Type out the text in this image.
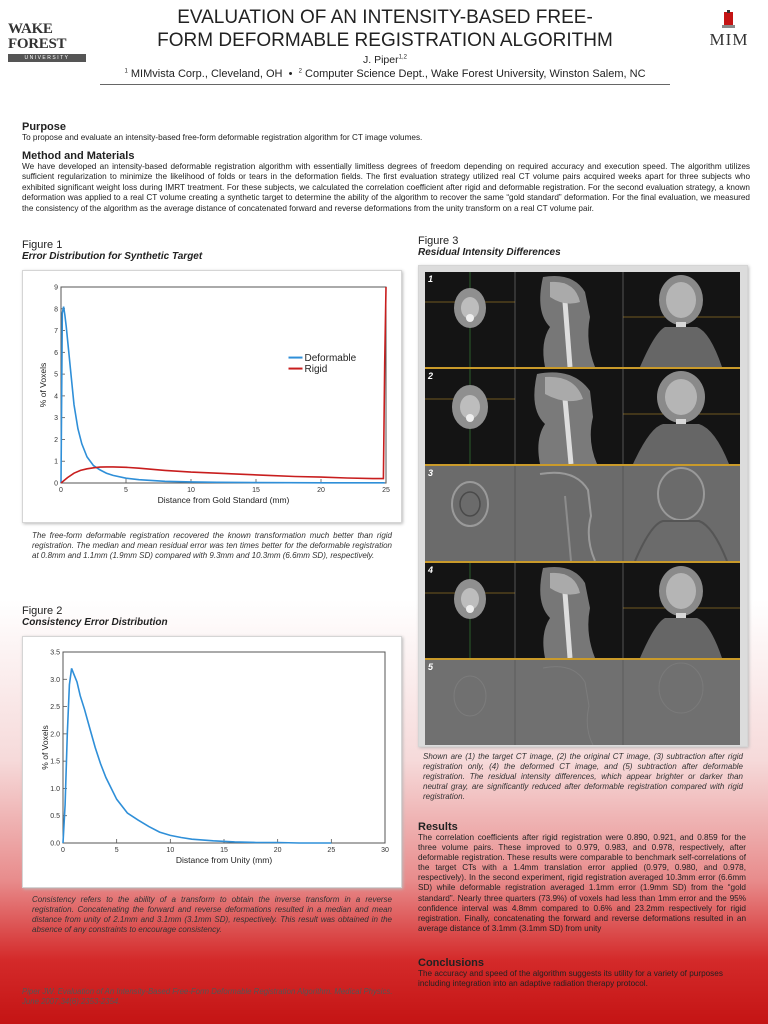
WAKE FOREST
UNIVERSITY
EVALUATION OF AN INTENSITY-BASED FREE-
FORM DEFORMABLE REGISTRATION ALGORITHM	MIM
J. Piper$^{1,2}$
$^1$ MIMvista Corp., Cleveland, OH • $^2$ Computer Science Dept., Wake Forest University, Winston Salem, NC
Purpose
To propose and evaluate an intensity-based free-form deformable registration algorithm for CT image volumes.
Method and Materials
We have developed an intensity-based deformable registration algorithm with essentially limitless degrees of freedom depending on required accuracy and execution speed. The algorithm utilizes sufficient regularization to minimize the likelihood of folds or tears in the deformation fields. The first evaluation strategy utilized real CT volume pairs acquired weeks apart for three subjects who exhibited significant weight loss during IMRT treatment. For these subjects, we calculated the correlation coefficient after rigid and deformable registration. For the second evaluation strategy, a known deformation was applied to a real CT volume creating a synthetic target to determine the ability of the algorithm to recover the same “gold standard” deformation. For the final evaluation, we measured the consistency of the algorithm as the average distance of concatenated forward and reverse deformations from the unity transform on a real CT volume pair.
Figure 1
Error Distribution for Synthetic Target
0
1
2
3
4
5
6
7
8
9
0	5	10	15	20	25
Distance from Gold Standard (mm)
% of Voxels
Deformable
Rigid
The free-form deformable registration recovered the known transformation much better than rigid registration. The median and mean residual error was ten times better for the deformable registration at 0.8mm and 1.1mm (1.9mm SD) compared with 9.3mm and 10.3mm (6.6mm SD), respectively.
Figure 2
Consistency Error Distribution
0.0
0.5
1.0
1.5
2.0
2.5
3.0
3.5
0	5	10	15	20	25	30
Distance from Unity (mm)
% of Voxels
Consistency refers to the ability of a transform to obtain the inverse transform in a reverse registration. Concatenating the forward and reverse deformations resulted in a median and mean distance from unity of 2.1mm and 3.1mm (3.1mm SD), respectively. This result was obtained in the absence of any constraints to encourage consistency.
Piper JW. Evaluation of An Intensity-Based Free-Form Deformable Registration Algorithm. Medical Physics. June 2007;34(6):2353-2354.
Figure 3
Residual Intensity Differences
1
2
3
4
5
Shown are (1) the target CT image, (2) the original CT image, (3) subtraction after rigid registration only, (4) the deformed CT image, and (5) subtraction after deformable registration. The residual intensity differences, which appear brighter or darker than neutral gray, are significantly reduced after deformable registration compared with rigid registration.
Results
The correlation coefficients after rigid registration were 0.890, 0.921, and 0.859 for the three volume pairs. These improved to 0.979, 0.983, and 0.978, respectively, after deformable registration. These results were comparable to benchmark self-correlations of the target CTs with a 1.4mm translation error applied (0.979, 0.980, and 0.978, respectively). In the second experiment, rigid registration averaged 10.3mm error (6.6mm SD) while deformable registration averaged 1.1mm error (1.9mm SD) from the “gold standard”. Nearly three quarters (73.9%) of voxels had less than 1mm error and the 95% confidence interval was 4.8mm compared to 0.6% and 23.2mm respectively for rigid registration. Finally, concatenating the forward and reverse deformations resulted in an average distance of 3.1mm (3.1mm SD) from unity
Conclusions
The accuracy and speed of the algorithm suggests its utility for a variety of purposes including integration into an adaptive radiation therapy protocol.
